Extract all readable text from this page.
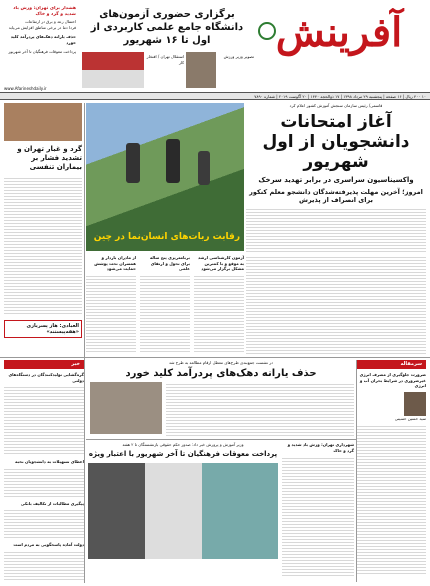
آفرینش
هشدار برای تهران: وزش باد شدید و گرد و خاک
احتمال رعد و برق در ارتفاعات
فردا دما در برخی مناطق افزایش می‌یابد
حذف یارانه دهک‌های پردرآمد کلید خورد
پرداخت معوقات فرهنگیان تا آخر شهریور
برگزاری حضوری آزمون‌های دانشگاه جامع علمی کاربردی از اول تا ۱۶ شهریور
استقلال تهران / افتخار کار
تصویر وزیر ورزش
www.Afarineshdaily.ir
۱۰ ۴۰۰ ریال | ۱۶ صفحه | پنجشنبه ۲۹ مرداد ۱۳۹۸ | ۱۷ ذوالحجه ۱۴۴۰ | ۲۰ آگوست ۲۰۱۹ | شماره ۷۸۹۰
قاسمی/ رئیس سازمان سنجش آموزش کشور اعلام کرد
آغاز امتحانات دانشجویان از اول شهریور
واکسیناسیون سراسری در برابر تهدید سرخک
امروز؛ آخرین مهلت پذیرفته‌شدگان دانشجو معلم کنکور برای انصراف از پذیرش
رقابت ربات‌های انسان‌نما در چین
گرد و غبار تهران و تشدید فشار بر بیماران تنفسی
العبادی: هاز پسربازی «هفه‌پیستند»
آزمون کارشناسی ارشد به موقع و با کمترین مشکل برگزار می‌شود
برنامه‌ریزی پنج ساله برای تحول و ارتقای علمی
از مادران باردار و همسران تحت پوشش حمایت می‌شود
سرمقاله
خبر
ضرورت جلوگیری از مصرف انرژی غیرضروری در شرایط بحران آب و انرژی
سید حسین حسینی
در نشست جمع‌بندی طرح‌های معطل ارقام مطالعه به طرح شد
حذف یارانه دهک‌های پردرآمد کلید خورد
گره‌گشایی تولیدکنندگان در دستگاه‌های دولتی
اعطای تسهیلات به دانشجویان نخبه
پیگیری مطالبات از تکالیف بانکی
دولت آماده پاسخگویی به مردم است
وزیر آموزش و پرورش خبر داد: صدور حکم حقوقی بازنشستگان تا ۲ هفته
پرداخت معوقات فرهنگیان تا آخر شهریور با اعتبار ویژه
شهرداری تهران: وزش باد شدید و گرد و خاک
